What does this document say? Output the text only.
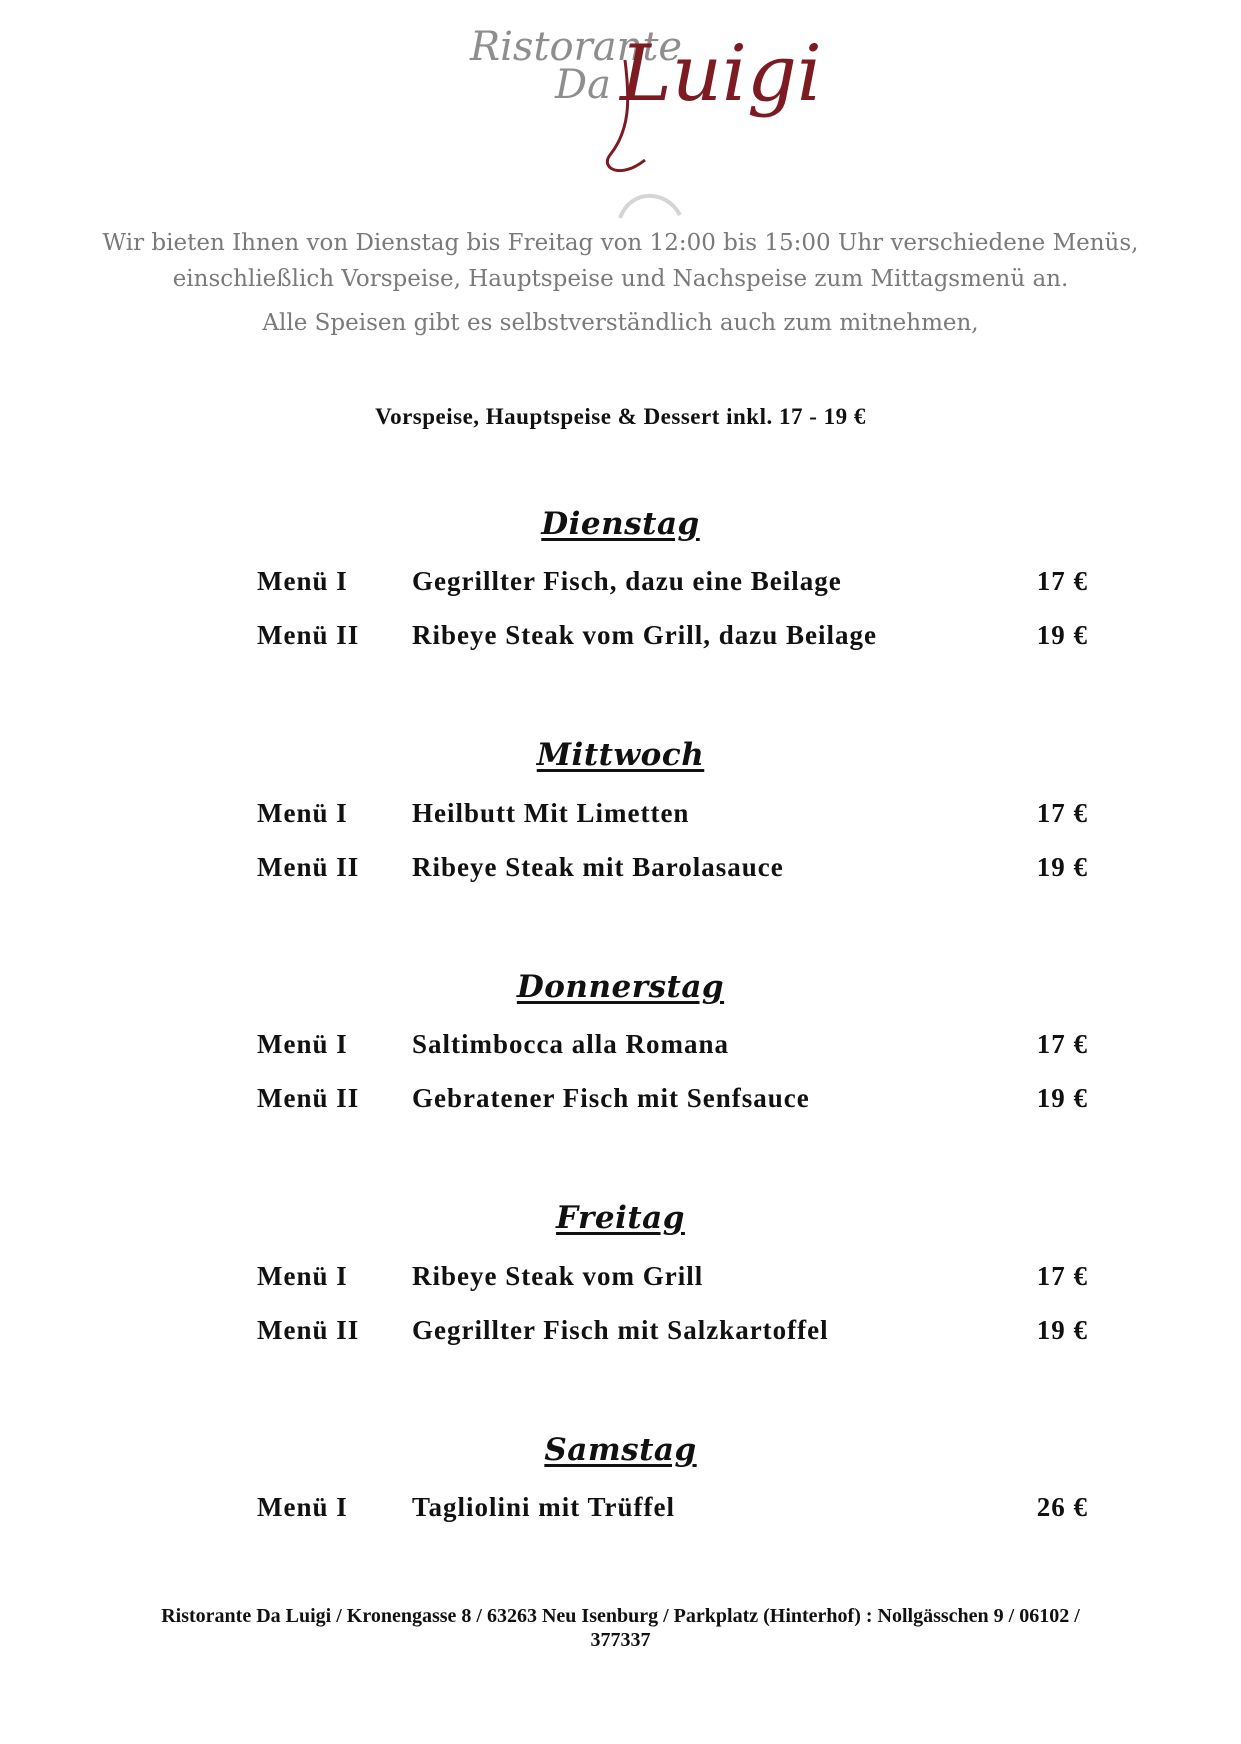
Ristorante
Da Luigi

Wir bieten Ihnen von Dienstag bis Freitag von 12:00 bis 15:00 Uhr verschiedene Menüs,

einschließlich Vorspeise, Hauptspeise und Nachspeise zum Mittagsmenü an.

Alle Speisen gibt es selbstverständlich auch zum mitnehmen,

Vorspeise, Hauptspeise & Dessert inkl. 17 - 19 €
Dienstag
Menü I Gegrillter Fisch, dazu eine Beilage	17 €
Menü II Ribeye Steak vom Grill, dazu Beilage	19 €
Mittwoch
Menü I Heilbutt Mit Limetten	17 €
Menü II Ribeye Steak mit Barolasauce	19 €
Donnerstag
Menü I Saltimbocca alla Romana	17 €
Menü II Gebratener Fisch mit Senfsauce	19 €
Freitag
Menü I Ribeye Steak vom Grill	17 €
Menü II Gegrillter Fisch mit Salzkartoffel	19 €
Samstag
Menü I Tagliolini mit Trüffel	26 €
Ristorante Da Luigi / Kronengasse 8 / 63263 Neu Isenburg / Parkplatz (Hinterhof) : Nollgässchen 9 / 06102 /
377337
